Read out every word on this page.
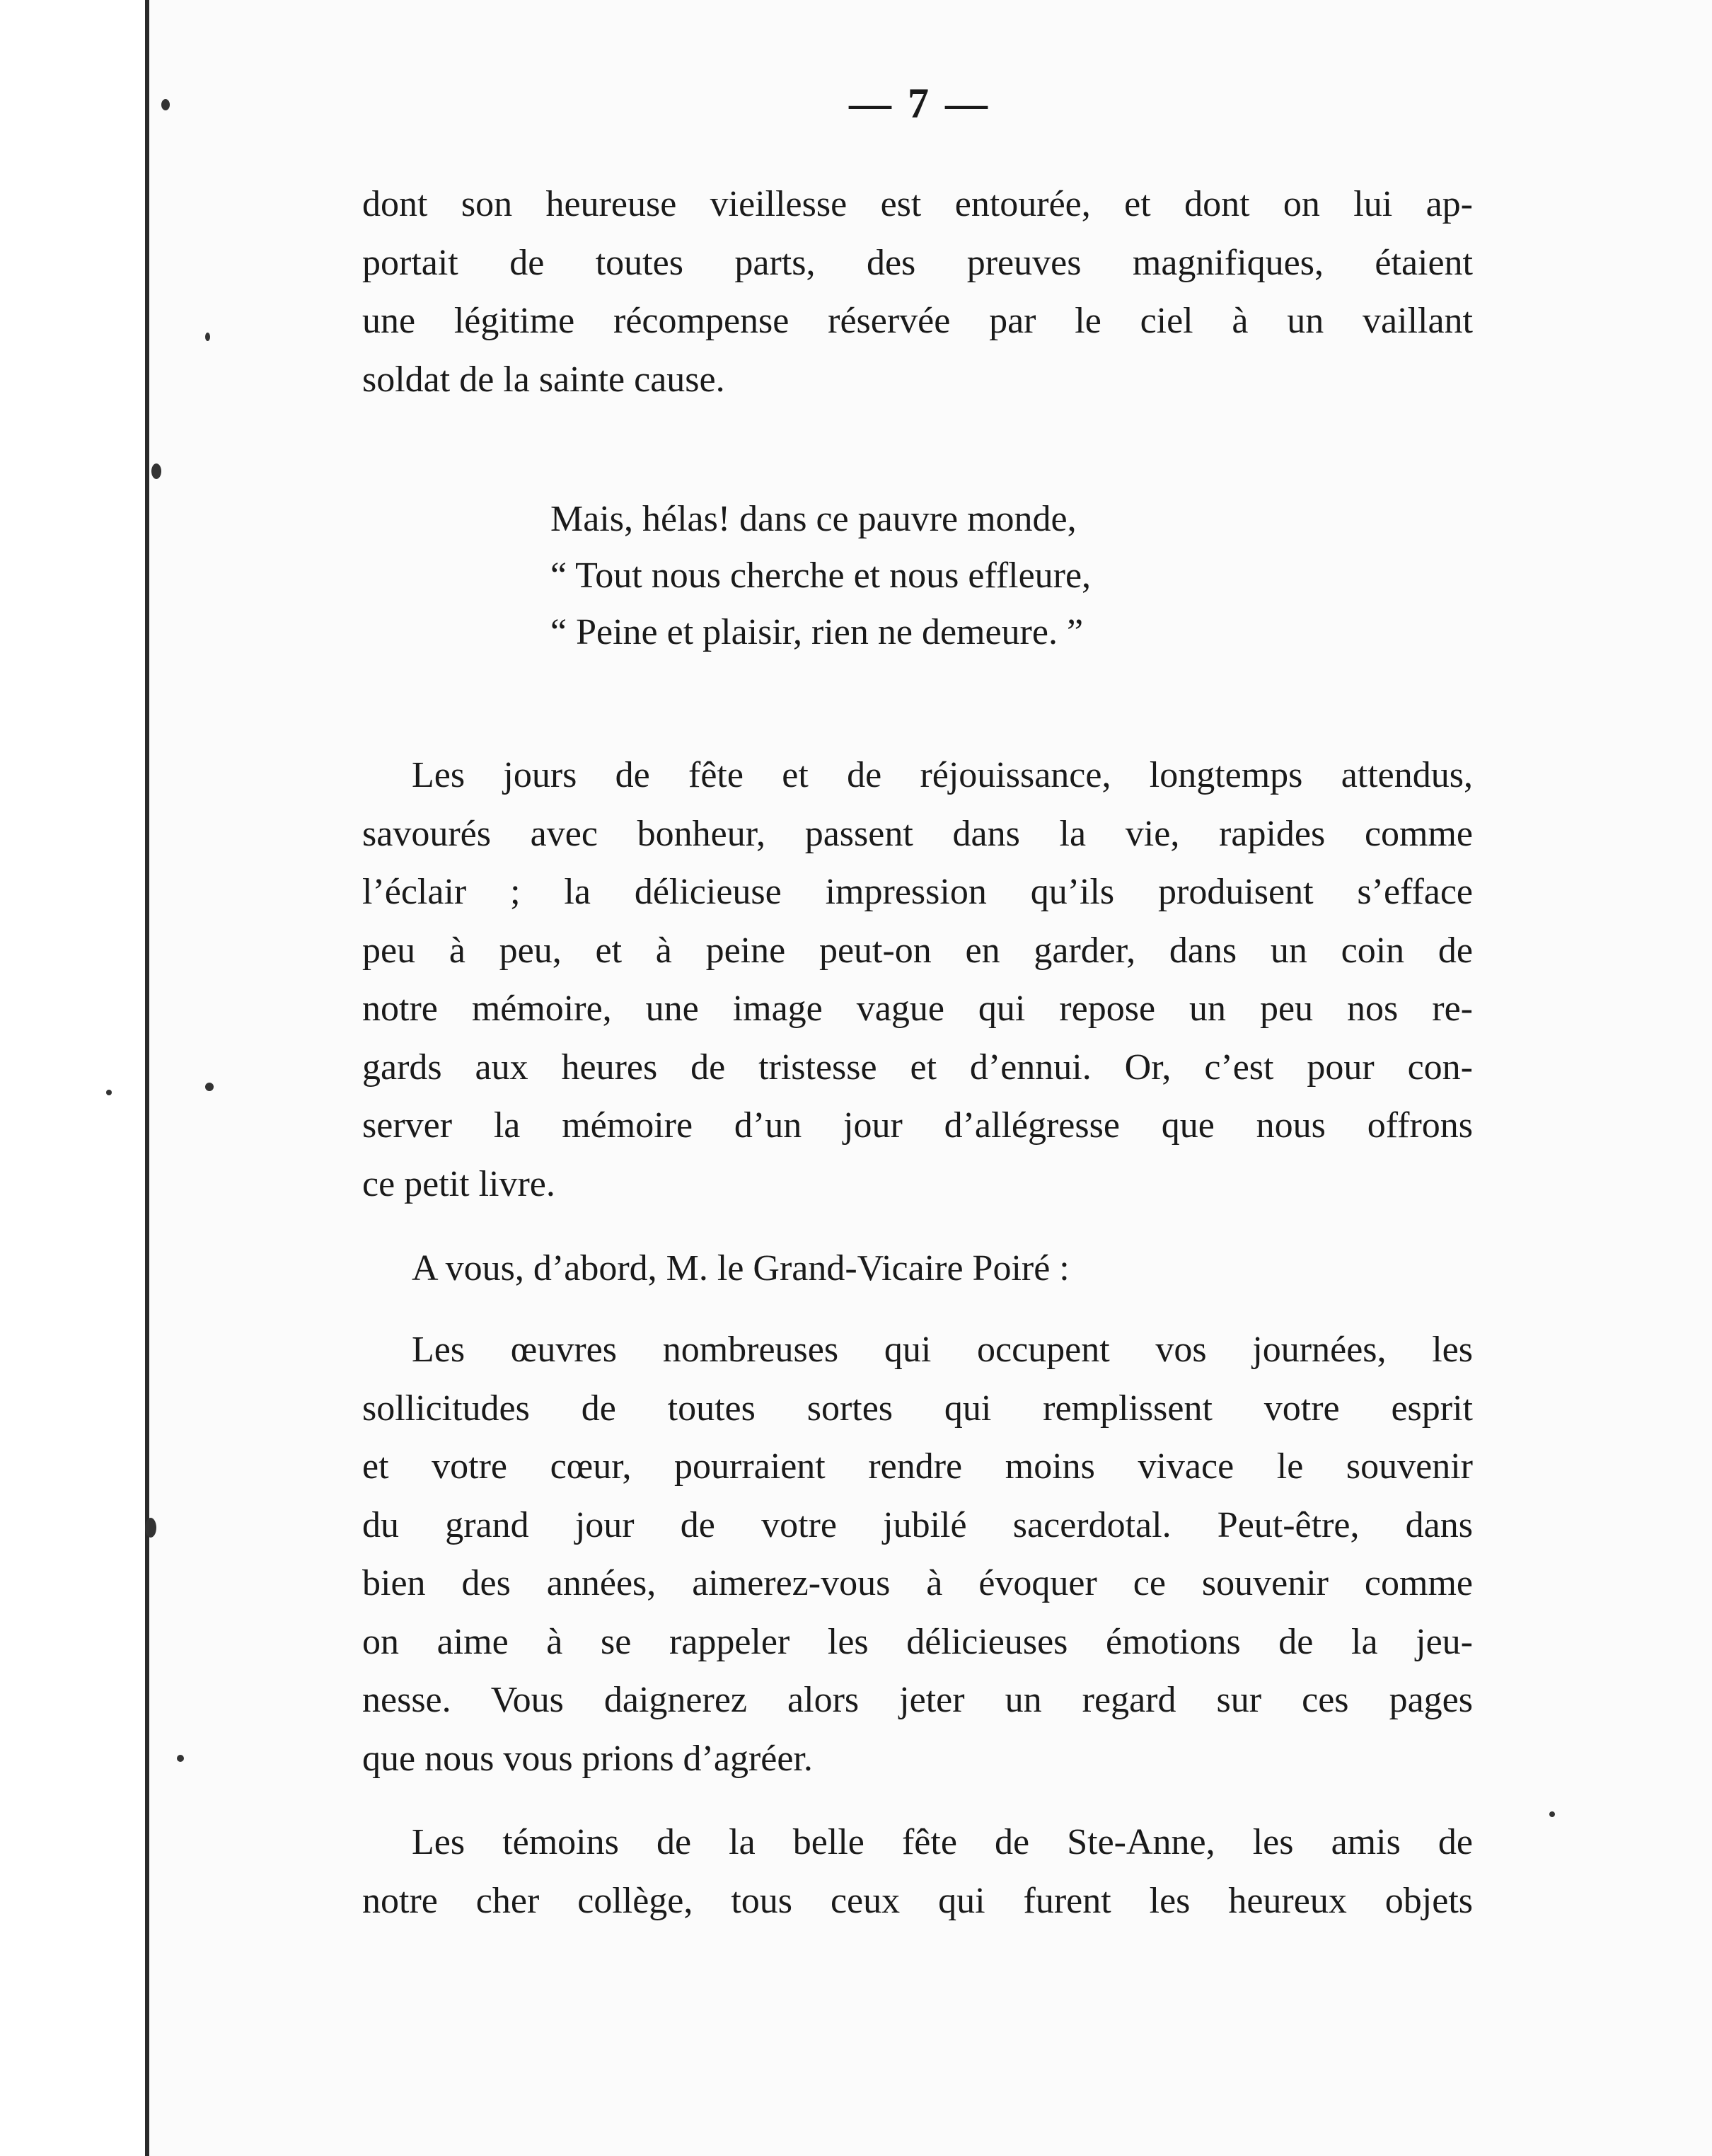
— 7 —
dont son heureuse vieillesse est entourée, et dont on lui ap-
portait de toutes parts, des preuves magnifiques, étaient
une légitime récompense réservée par le ciel à un vaillant
soldat de la sainte cause.
Mais, hélas! dans ce pauvre monde,
“ Tout nous cherche et nous effleure,
“ Peine et plaisir, rien ne demeure. ”
Les jours de fête et de réjouissance, longtemps attendus,
savourés avec bonheur, passent dans la vie, rapides comme
l’éclair ; la délicieuse impression qu’ils produisent s’efface
peu à peu, et à peine peut-on en garder, dans un coin de
notre mémoire, une image vague qui repose un peu nos re-
gards aux heures de tristesse et d’ennui. Or, c’est pour con-
server la mémoire d’un jour d’allégresse que nous offrons
ce petit livre.
A vous, d’abord, M. le Grand-Vicaire Poiré :
Les œuvres nombreuses qui occupent vos journées, les
sollicitudes de toutes sortes qui remplissent votre esprit
et votre cœur, pourraient rendre moins vivace le souvenir
du grand jour de votre jubilé sacerdotal. Peut-être, dans
bien des années, aimerez-vous à évoquer ce souvenir comme
on aime à se rappeler les délicieuses émotions de la jeu-
nesse. Vous daignerez alors jeter un regard sur ces pages
que nous vous prions d’agréer.
Les témoins de la belle fête de Ste-Anne, les amis de
notre cher collège, tous ceux qui furent les heureux objets
